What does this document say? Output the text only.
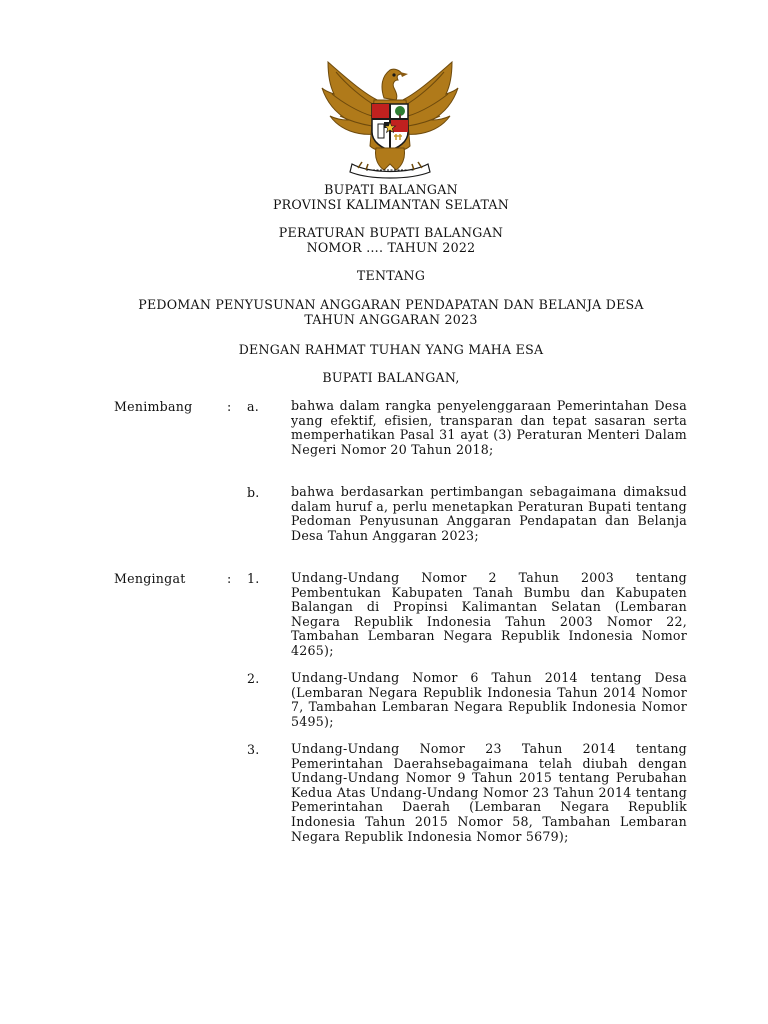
BUPATI BALANGAN
PROVINSI KALIMANTAN SELATAN
PERATURAN BUPATI BALANGAN
NOMOR …. TAHUN 2022
TENTANG
PEDOMAN PENYUSUNAN ANGGARAN PENDAPATAN DAN BELANJA DESA
TAHUN ANGGARAN 2023
DENGAN RAHMAT TUHAN YANG MAHA ESA
BUPATI BALANGAN,
Menimbang	: a.	bahwa dalam rangka penyelenggaraan Pemerintahan Desa yang efektif, efisien, transparan dan tepat sasaran serta memperhatikan Pasal 31 ayat (3) Peraturan Menteri Dalam Negeri Nomor 20 Tahun 2018;
b. bahwa berdasarkan pertimbangan sebagaimana dimaksud dalam huruf a, perlu menetapkan Peraturan Bupati tentang Pedoman Penyusunan Anggaran Pendapatan dan Belanja Desa Tahun Anggaran 2023;
Mengingat	: 1. Undang-Undang Nomor 2 Tahun 2003 tentang Pembentukan Kabupaten Tanah Bumbu dan Kabupaten Balangan di Propinsi Kalimantan Selatan (Lembaran Negara Republik Indonesia Tahun 2003 Nomor 22, Tambahan Lembaran Negara Republik Indonesia Nomor 4265);
2. Undang-Undang Nomor 6 Tahun 2014 tentang Desa (Lembaran Negara Republik Indonesia Tahun 2014 Nomor 7, Tambahan Lembaran Negara Republik Indonesia Nomor 5495);
3. Undang-Undang Nomor 23 Tahun 2014 tentang Pemerintahan Daerahsebagaimana telah diubah dengan Undang-Undang Nomor 9 Tahun 2015 tentang Perubahan Kedua Atas Undang-Undang Nomor 23 Tahun 2014 tentang Pemerintahan Daerah (Lembaran Negara Republik Indonesia Tahun 2015 Nomor 58, Tambahan Lembaran Negara Republik Indonesia Nomor 5679);
